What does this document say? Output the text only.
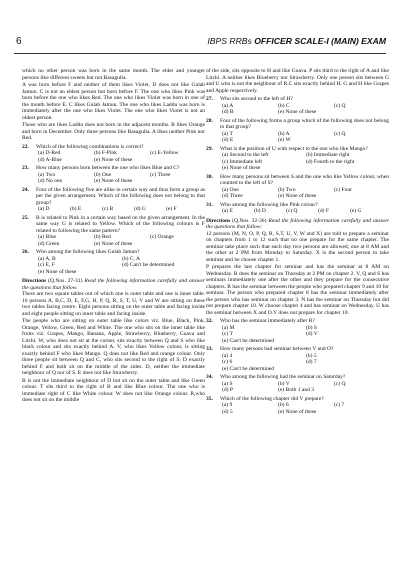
6	IBPS RRBs OFFICER SCALE-I (MAIN) EXAM

which no other person was born in the same month. The elder and younger persons like different sweets but not Basagulla.

A was born before F and neither of them likes Violet. D does not like Gulab Jamun. C is not an eldest person but born before F. The one who likes Pink was born before the one who likes Red. The one who likes Violet was born in one of the month before E. C likes Gulab Jamun. The one who likes Laddu was born is immediately after the one who likes Violet. The one who likes Violet is not an oldest person.

Those who are likes Laddu does not born in the adjacent months. B likes Orange and born in December. Only three persons like Basagulla. A likes neither Pink nor Red.

22.	Which of the following combinations is correct?
(a) D-Red	(b) F-Pink	(c) E-Yellow
(d) A-Blue	(e) None of these
23.	How many persons born between the one who likes Blue and C?
(a) Two	(b) One	(c) Three
(d) No one	(e) None of these
24.	Four of the following five are alike in certain way and thus form a group as per the given arrangement. Which of the following does not belong to that group?
(a) D	(b) E	(c) B	(d) G	(e) F
25.	B is related to Pink in a certain way based on the given arrangement. In the same way G is related to Yellow. Which of the following colours is F related to following the same pattern?
(a) Blue	(b) Red	(c) Orange
(d) Green	(e) None of these
26.	Who among the following likes Gulab Jamun?
(a) A, B	(b) C, A
(c) E, F	(d) Can't be determined
(e) None of these
Directions (Q.Nos. 27-31) Read the following information carefully and answer the questions that follow.

There are two square tables out of which one is outer table and one is inner table. 16 persons A, B,C, D, E, F,G, H, P, Q, R, S, T, U, V and W are sitting on these two tables facing centre. Eight persons sitting on the outer table and facing inside and eight people sitting on inner table and facing inside.

The people who are sitting on outer table like colors viz. Blue, Black, Pink, Orange, Yellow, Green, Red and White. The one who sits on the inner table like fruits viz. Grapes, Mango, Banana, Apple, Strawberry, Blueberry, Guava and Litchi. W, who does not sit at the corner, sits exactly between Q and S who like black colour and sits exactly behind A. V, who likes Yellow colour, is sitting exactly behind F who likes Mango. Q does not like Red and orange colour. Only three people sit between Q and C, who sits second to the right of S. D exactly behind F and both sit on the middle of the sides. D, neither the immediate neighbour of Q nor of S. E does not like Strawberry.

B is not the immediate neighbour of D but sit on the outer table and like Green colour. T sits third to the right of B and like Blue colour. The one who is immediate right of C like White colour. W does not like Orange colour. R,who does not sit on the middle

of the side, sits opposite to H and like Guava. P sits third to the right of A and like Litchi. A neither likes Blueberry nor Strawberry. Only one person sits between G and U who is not the neighbour of R.C sits exactly behind H. G and H like Grapes and Apple respectively.

27.	Who sits second to the left of H?
(a) A	(b) C	(c) Q
(d) B	(e) None of these
28.	Four of the following forms a group which of the following does not belong to that group?
(a) T	(b) A	(c) Q
(d) E	(e) W
29.	What is the position of U with respect to the one who like Mango?
(a) Second to the left	(b) Immediate right
(c) Immediate left	(d) Fourth to the right
(e) None of these
30.	How many persons sit between S and the one who like Yellow colour, when counted to the left of S?
(a) One	(b) Two	(c) Four
(d) Three	(e) None of these
31.	Who among the following like Pink colour?
(a) E	(b) D	(c) Q	(d) F	(e) G
Directions (Q.Nos. 32-36) Read the following information carefully and answer the questions that follow:

12 persons (M, N, O, P, Q, R, S,T, U, V, W and X) are told to prepare a seminar on chapters from 1 to 12 such that no one prepare for the same chapter. The seminar take place such that each day two persons are allowed, one at 8 AM and the other at 2 PM from Monday to Saturday. X is the second person to take seminar and he choose chapter 1.

P prepares the last chapter for seminar and has the seminar at 8 AM on Wednesday. R does the seminar on Thursday at 2 PM on chapter 2. V, Q and S has seminars immediately one after the other and they prepare for the consecutive chapters. R has the seminar between the people who prepared chapter 9 and 10 for seminar. The person who prepared chapter 8 has the seminar immediately after the person who has seminar on chapter 3. N has the seminar on Thursday but did not prepare chapter 10. W choose chapter 4 and has seminar on Wednesday. U has the seminar between X and O.Y does not prepare for chapter 10.

32.	Who has the seminar immediately after R?
(a) M	(b) S
(c) T	(d) V
(e) Can't be determined
33.	How many persons had seminar between V and O?
(a) 4	(b) 5
(c) 6	(d) 7
(e) Can't be determined
34.	Who among the following had the seminar on Saturday?
(a) S	(b) V	(c) Q
(d) P	(e) Both 1 and 3
35.	Which of the following chapter did V prepare?
(a) 9	(b) 6	(c) 7
(d) 5	(e) None of these
